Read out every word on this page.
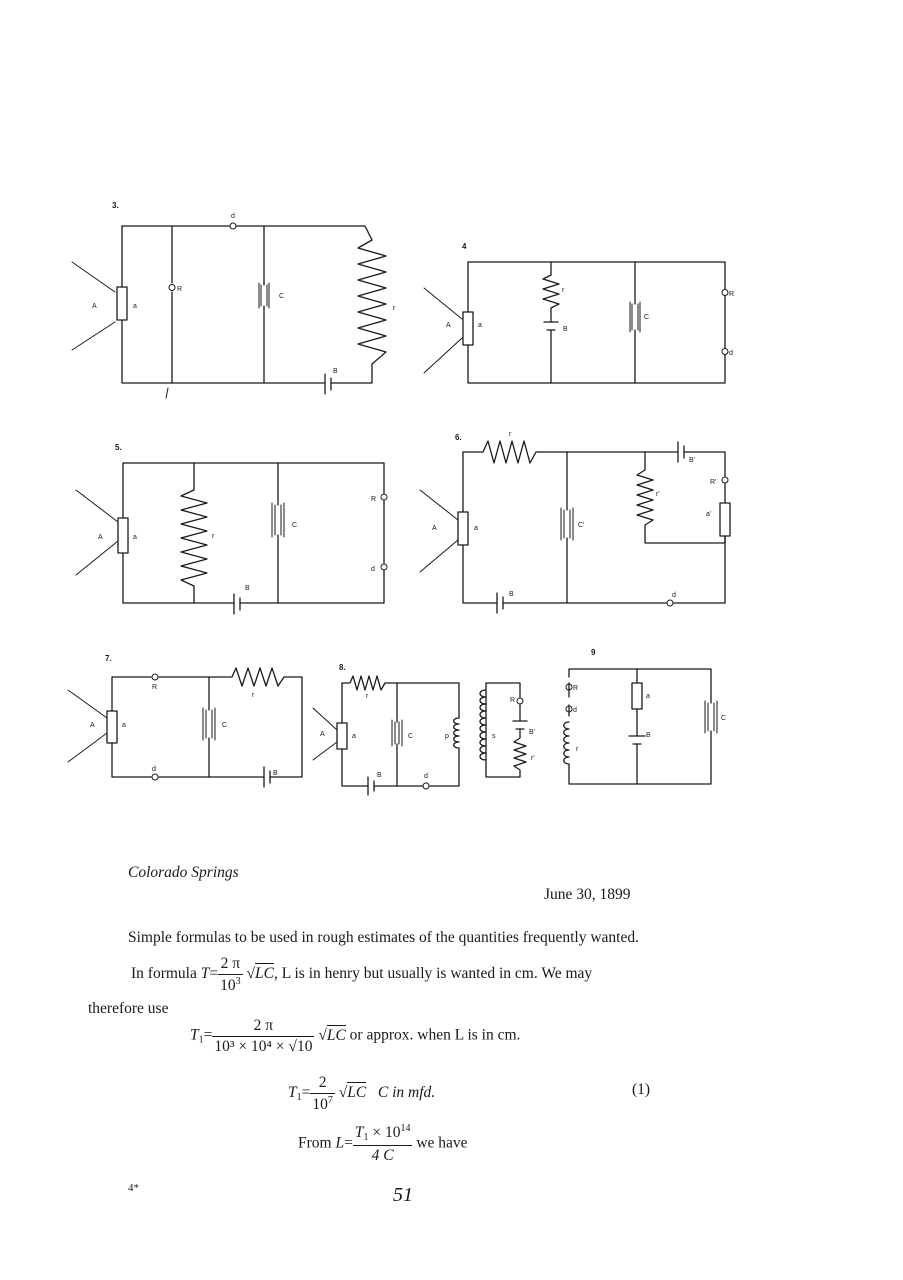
3.
A	a
R
C
r
B
d
4
A	a
r
B
C
R
d
5.
A	a	r
B
C
R
d
6.
A	a
r
B
C'
B'
r'
R'
a'
d
7.
A	a
R
r
C
d
B
8.
A	a
r
C
B	d
p	s
R
B'
r'
9
R
d
r
a
B
C
Colorado Springs
June 30, 1899
Simple formulas to be used in rough estimates of the quantities frequently wanted.
In formula $T= \frac{2 \pi}{10^3} √LC$, L is in henry but usually is wanted in cm. We may
therefore use
$T_1= \frac{2 \pi}{\text{10³ × 10⁴ × √10}} √LC$ or approx. when L is in cm.
$T_1= \frac{2}{10^7} √LC$ C in mfd.	(1)
From $L= \frac{T_1 \times 10^{14}}{4 C}$ we have
4*	51
